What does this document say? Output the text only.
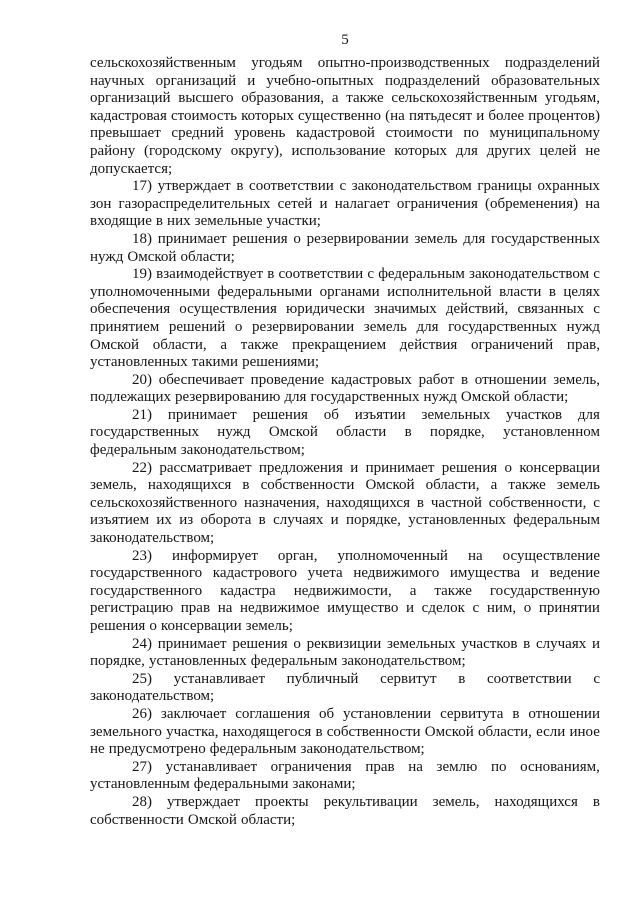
5
сельскохозяйственным угодьям опытно-производственных подразделений
научных организаций и учебно-опытных подразделений образовательных
организаций высшего образования, а также сельскохозяйственным угодьям,
кадастровая стоимость которых существенно (на пятьдесят и более процентов)
превышает средний уровень кадастровой стоимости по муниципальному
району (городскому округу), использование которых для других целей не
допускается;
17) утверждает в соответствии с законодательством границы охранных
зон газораспределительных сетей и налагает ограничения (обременения) на
входящие в них земельные участки;
18) принимает решения о резервировании земель для государственных
нужд Омской области;
19) взаимодействует в соответствии с федеральным законодательством с
уполномоченными федеральными органами исполнительной власти в целях
обеспечения осуществления юридически значимых действий, связанных с
принятием решений о резервировании земель для государственных нужд
Омской области, а также прекращением действия ограничений прав,
установленных такими решениями;
20) обеспечивает проведение кадастровых работ в отношении земель,
подлежащих резервированию для государственных нужд Омской области;
21) принимает решения об изъятии земельных участков для
государственных нужд Омской области в порядке, установленном
федеральным законодательством;
22) рассматривает предложения и принимает решения о консервации
земель, находящихся в собственности Омской области, а также земель
сельскохозяйственного назначения, находящихся в частной собственности, с
изъятием их из оборота в случаях и порядке, установленных федеральным
законодательством;
23) информирует орган, уполномоченный на осуществление
государственного кадастрового учета недвижимого имущества и ведение
государственного кадастра недвижимости, а также государственную
регистрацию прав на недвижимое имущество и сделок с ним, о принятии
решения о консервации земель;
24) принимает решения о реквизиции земельных участков в случаях и
порядке, установленных федеральным законодательством;
25) устанавливает публичный сервитут в соответствии с
законодательством;
26) заключает соглашения об установлении сервитута в отношении
земельного участка, находящегося в собственности Омской области, если иное
не предусмотрено федеральным законодательством;
27) устанавливает ограничения прав на землю по основаниям,
установленным федеральными законами;
28) утверждает проекты рекультивации земель, находящихся в
собственности Омской области;
